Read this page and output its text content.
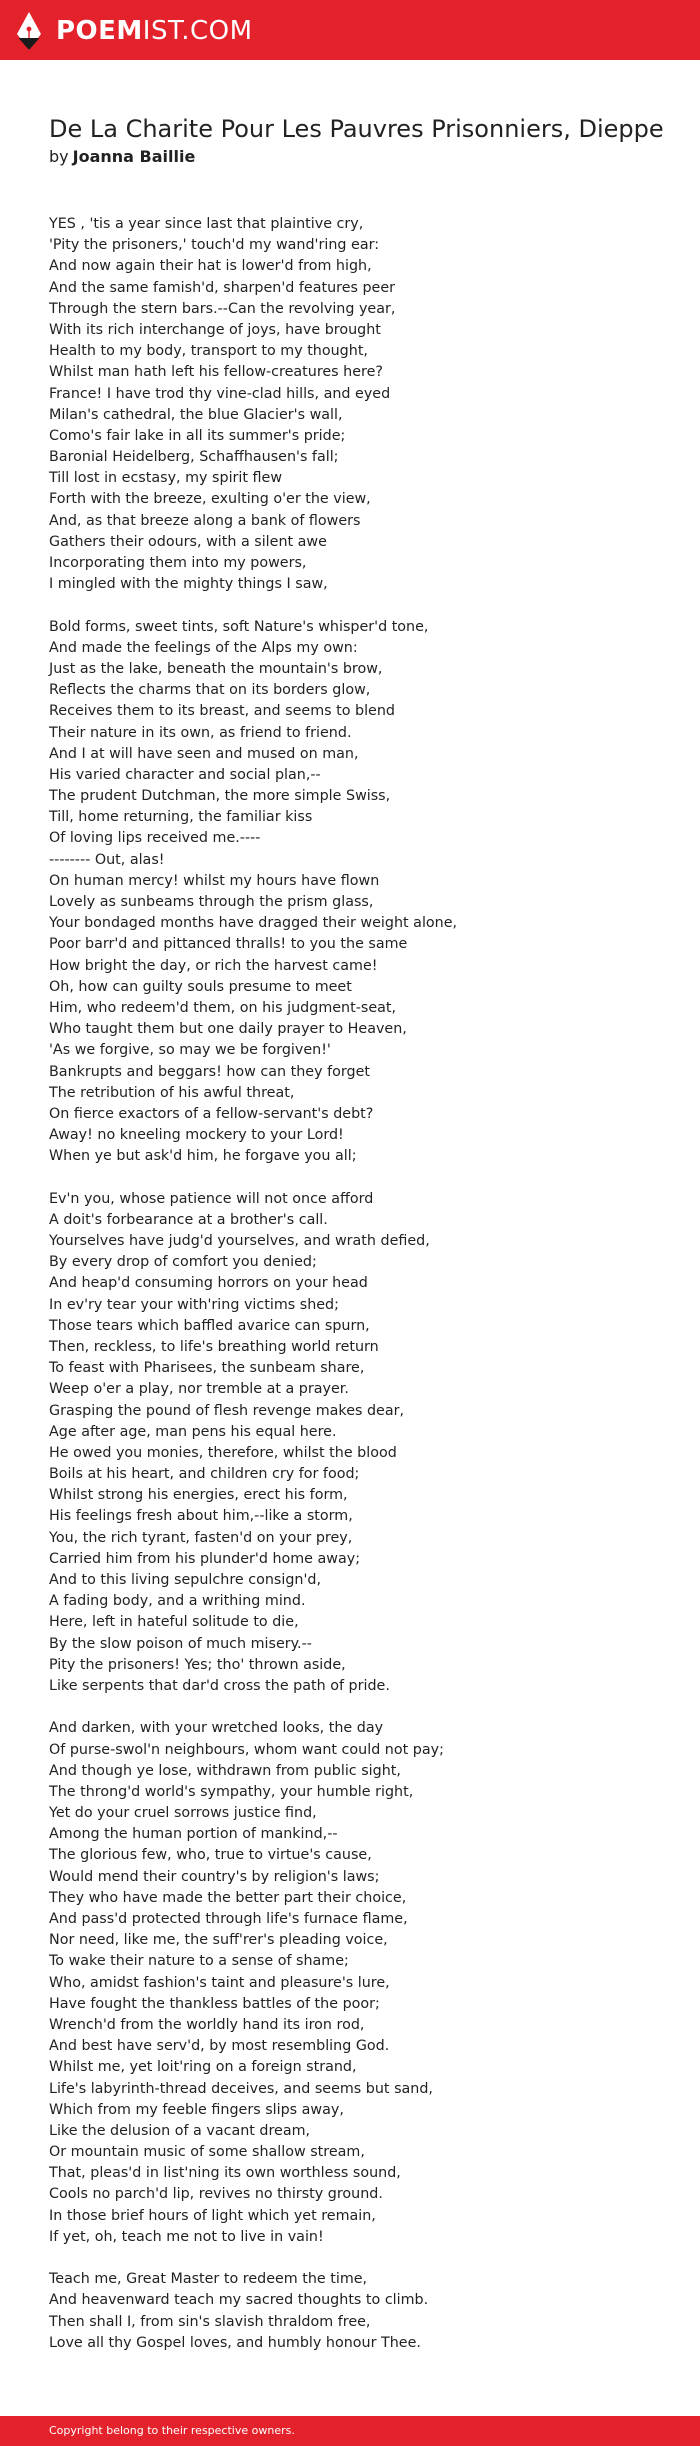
POEMIST.COM
De La Charite Pour Les Pauvres Prisonniers, Dieppe
by Joanna Baillie
YES , 'tis a year since last that plaintive cry,
'Pity the prisoners,' touch'd my wand'ring ear:
And now again their hat is lower'd from high,
And the same famish'd, sharpen'd features peer
Through the stern bars.--Can the revolving year,
With its rich interchange of joys, have brought
Health to my body, transport to my thought,
Whilst man hath left his fellow-creatures here?
France! I have trod thy vine-clad hills, and eyed
Milan's cathedral, the blue Glacier's wall,
Como's fair lake in all its summer's pride;
Baronial Heidelberg, Schaffhausen's fall;
Till lost in ecstasy, my spirit flew
Forth with the breeze, exulting o'er the view,
And, as that breeze along a bank of flowers
Gathers their odours, with a silent awe
Incorporating them into my powers,
I mingled with the mighty things I saw,
Bold forms, sweet tints, soft Nature's whisper'd tone,
And made the feelings of the Alps my own:
Just as the lake, beneath the mountain's brow,
Reflects the charms that on its borders glow,
Receives them to its breast, and seems to blend
Their nature in its own, as friend to friend.
And I at will have seen and mused on man,
His varied character and social plan,--
The prudent Dutchman, the more simple Swiss,
Till, home returning, the familiar kiss
Of loving lips received me.----
-------- Out, alas!
On human mercy! whilst my hours have flown
Lovely as sunbeams through the prism glass,
Your bondaged months have dragged their weight alone,
Poor barr'd and pittanced thralls! to you the same
How bright the day, or rich the harvest came!
Oh, how can guilty souls presume to meet
Him, who redeem'd them, on his judgment-seat,
Who taught them but one daily prayer to Heaven,
'As we forgive, so may we be forgiven!'
Bankrupts and beggars! how can they forget
The retribution of his awful threat,
On fierce exactors of a fellow-servant's debt?
Away! no kneeling mockery to your Lord!
When ye but ask'd him, he forgave you all;
Ev'n you, whose patience will not once afford
A doit's forbearance at a brother's call.
Yourselves have judg'd yourselves, and wrath defied,
By every drop of comfort you denied;
And heap'd consuming horrors on your head
In ev'ry tear your with'ring victims shed;
Those tears which baffled avarice can spurn,
Then, reckless, to life's breathing world return
To feast with Pharisees, the sunbeam share,
Weep o'er a play, nor tremble at a prayer.
Grasping the pound of flesh revenge makes dear,
Age after age, man pens his equal here.
He owed you monies, therefore, whilst the blood
Boils at his heart, and children cry for food;
Whilst strong his energies, erect his form,
His feelings fresh about him,--like a storm,
You, the rich tyrant, fasten'd on your prey,
Carried him from his plunder'd home away;
And to this living sepulchre consign'd,
A fading body, and a writhing mind.
Here, left in hateful solitude to die,
By the slow poison of much misery.--
Pity the prisoners! Yes; tho' thrown aside,
Like serpents that dar'd cross the path of pride.
And darken, with your wretched looks, the day
Of purse-swol'n neighbours, whom want could not pay;
And though ye lose, withdrawn from public sight,
The throng'd world's sympathy, your humble right,
Yet do your cruel sorrows justice find,
Among the human portion of mankind,--
The glorious few, who, true to virtue's cause,
Would mend their country's by religion's laws;
They who have made the better part their choice,
And pass'd protected through life's furnace flame,
Nor need, like me, the suff'rer's pleading voice,
To wake their nature to a sense of shame;
Who, amidst fashion's taint and pleasure's lure,
Have fought the thankless battles of the poor;
Wrench'd from the worldly hand its iron rod,
And best have serv'd, by most resembling God.
Whilst me, yet loit'ring on a foreign strand,
Life's labyrinth-thread deceives, and seems but sand,
Which from my feeble fingers slips away,
Like the delusion of a vacant dream,
Or mountain music of some shallow stream,
That, pleas'd in list'ning its own worthless sound,
Cools no parch'd lip, revives no thirsty ground.
In those brief hours of light which yet remain,
If yet, oh, teach me not to live in vain!
Teach me, Great Master to redeem the time,
And heavenward teach my sacred thoughts to climb.
Then shall I, from sin's slavish thraldom free,
Love all thy Gospel loves, and humbly honour Thee.
Copyright belong to their respective owners.
